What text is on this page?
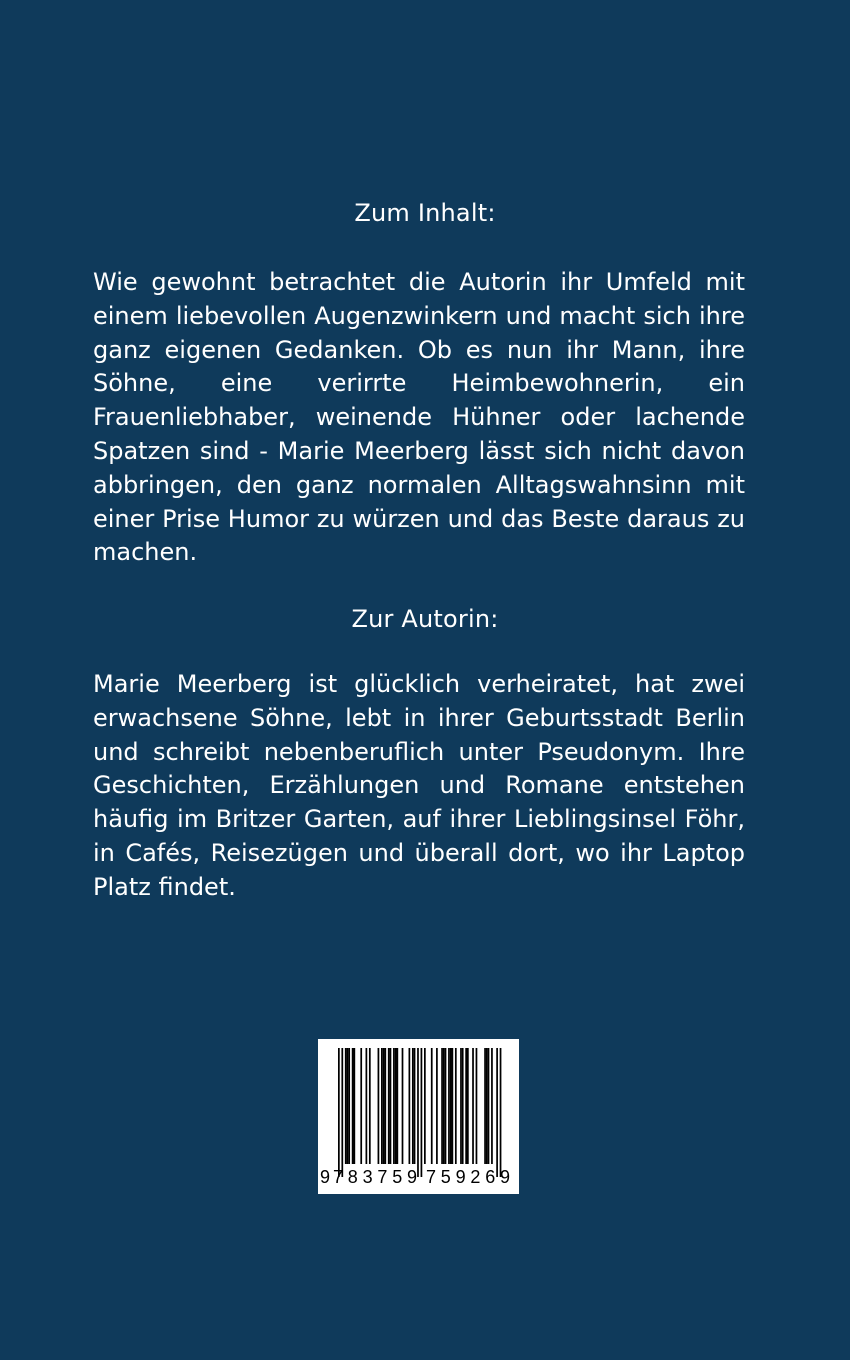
Zum Inhalt:

Wie gewohnt betrachtet die Autorin ihr Umfeld mit einem liebevollen Augenzwinkern und macht sich ihre ganz eigenen Gedanken. Ob es nun ihr Mann, ihre Söhne, eine verirrte Heimbewohnerin, ein Frauenliebhaber, weinende Hühner oder lachende Spatzen sind - Marie Meerberg lässt sich nicht davon abbringen, den ganz normalen Alltagswahnsinn mit einer Prise Humor zu würzen und das Beste daraus zu machen.

Zur Autorin:

Marie Meerberg ist glücklich verheiratet, hat zwei erwachsene Söhne, lebt in ihrer Geburtsstadt Berlin und schreibt nebenberuflich unter Pseudonym. Ihre Geschichten, Erzählungen und Romane entstehen häufig im Britzer Garten, auf ihrer Lieblingsinsel Föhr, in Cafés, Reisezügen und überall dort, wo ihr Laptop Platz findet.

9 783759 759269
